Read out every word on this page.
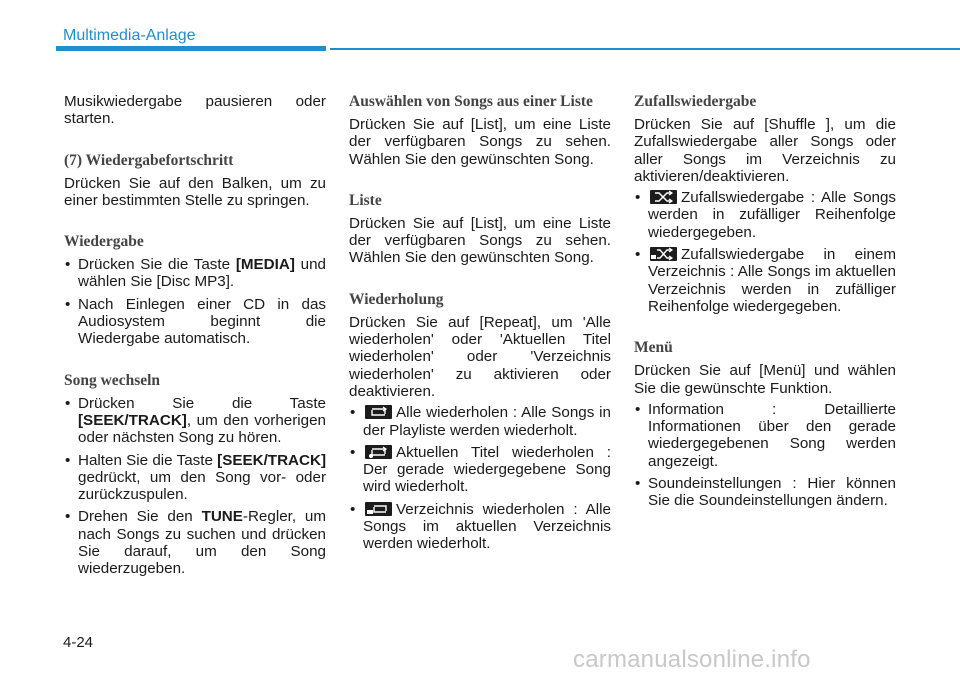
Multimedia-Anlage

Musikwiedergabe pausieren oder starten.

(7) Wiedergabefortschritt

Drücken Sie auf den Balken, um zu einer bestimmten Stelle zu springen.

Wiedergabe
• Drücken Sie die Taste [MEDIA] und wählen Sie [Disc MP3].
• Nach Einlegen einer CD in das Audiosystem beginnt die Wiedergabe automatisch.
Song wechseln
• Drücken Sie die Taste [SEEK/TRACK], um den vorherigen oder nächsten Song zu hören.
• Halten Sie die Taste [SEEK/TRACK] gedrückt, um den Song vor- oder zurückzuspulen.
• Drehen Sie den TUNE-Regler, um nach Songs zu suchen und drücken Sie darauf, um den Song wiederzugeben.
Auswählen von Songs aus einer Liste

Drücken Sie auf [List], um eine Liste der verfügbaren Songs zu sehen. Wählen Sie den gewünschten Song.

Liste

Drücken Sie auf [List], um eine Liste der verfügbaren Songs zu sehen. Wählen Sie den gewünschten Song.

Wiederholung

Drücken Sie auf [Repeat], um 'Alle wiederholen' oder 'Aktuellen Titel wiederholen' oder 'Verzeichnis wiederholen' zu aktivieren oder deaktivieren.

• Alle wiederholen : Alle Songs in der Playliste werden wiederholt.
• Aktuellen Titel wiederholen : Der gerade wiedergegebene Song wird wiederholt.
• Verzeichnis wiederholen : Alle Songs im aktuellen Verzeichnis werden wiederholt.
Zufallswiedergabe

Drücken Sie auf [Shuffle ], um die Zufallswiedergabe aller Songs oder aller Songs im Verzeichnis zu aktivieren/deaktivieren.

• Zufallswiedergabe : Alle Songs werden in zufälliger Reihenfolge wiedergegeben.
• Zufallswiedergabe in einem Verzeichnis : Alle Songs im aktuellen Verzeichnis werden in zufälliger Reihenfolge wiedergegeben.
Menü

Drücken Sie auf [Menü] und wählen Sie die gewünschte Funktion.

• Information : Detaillierte Informationen über den gerade wiedergegebenen Song werden angezeigt.
• Soundeinstellungen : Hier können Sie die Soundeinstellungen ändern.
4-24
carmanualsonline.info
